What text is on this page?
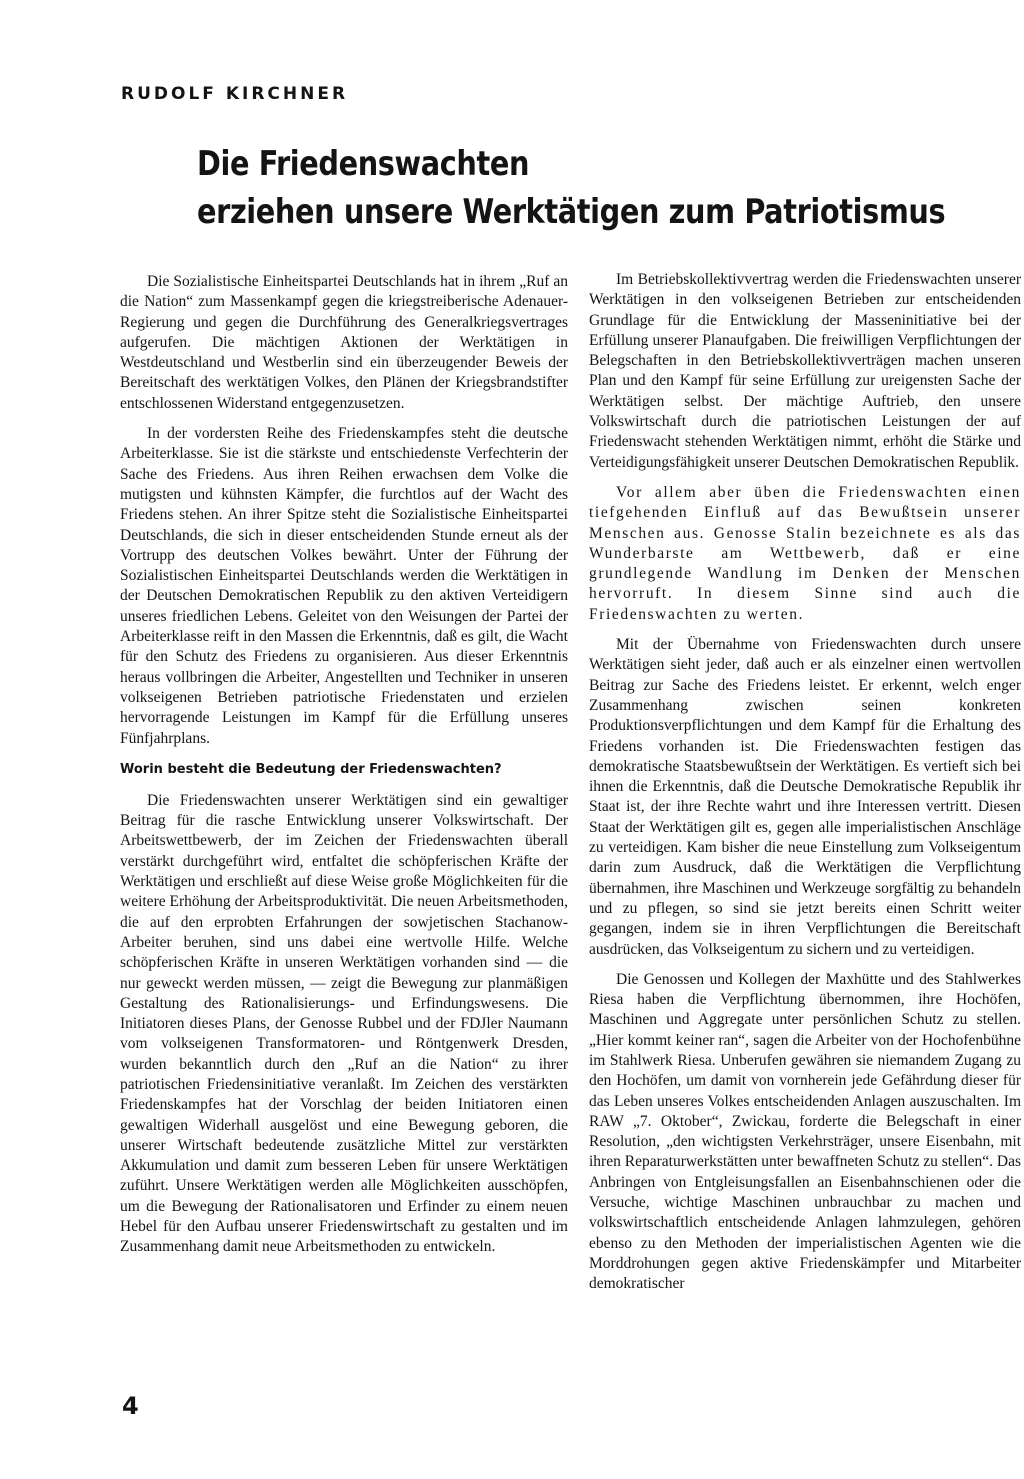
RUDOLF KIRCHNER
Die Friedenswachten
erziehen unsere Werktätigen zum Patriotismus

Die Sozialistische Einheitspartei Deutschlands hat in ihrem „Ruf an die Nation“ zum Massenkampf gegen die kriegstreiberische Adenauer-Regierung und gegen die Durchführung des Generalkriegsvertrages aufgerufen. Die mächtigen Aktionen der Werktätigen in Westdeutschland und Westberlin sind ein überzeugender Beweis der Bereitschaft des werktätigen Volkes, den Plänen der Kriegsbrandstifter entschlossenen Widerstand entgegenzusetzen.

In der vordersten Reihe des Friedenskampfes steht die deutsche Arbeiterklasse. Sie ist die stärkste und entschiedenste Verfechterin der Sache des Friedens. Aus ihren Reihen erwachsen dem Volke die mutigsten und kühnsten Kämpfer, die furchtlos auf der Wacht des Friedens stehen. An ihrer Spitze steht die Sozialistische Einheitspartei Deutschlands, die sich in dieser entscheidenden Stunde erneut als der Vortrupp des deutschen Volkes bewährt. Unter der Führung der Sozialistischen Einheitspartei Deutschlands werden die Werktätigen in der Deutschen Demokratischen Republik zu den aktiven Verteidigern unseres friedlichen Lebens. Geleitet von den Weisungen der Partei der Arbeiterklasse reift in den Massen die Erkenntnis, daß es gilt, die Wacht für den Schutz des Friedens zu organisieren. Aus dieser Erkenntnis heraus vollbringen die Arbeiter, Angestellten und Techniker in unseren volkseigenen Betrieben patriotische Friedenstaten und erzielen hervorragende Leistungen im Kampf für die Erfüllung unseres Fünfjahrplans.

Worin besteht die Bedeutung der Friedenswachten?

Die Friedenswachten unserer Werktätigen sind ein gewaltiger Beitrag für die rasche Entwicklung unserer Volkswirtschaft. Der Arbeitswettbewerb, der im Zeichen der Friedenswachten überall verstärkt durchgeführt wird, entfaltet die schöpferischen Kräfte der Werktätigen und erschließt auf diese Weise große Möglichkeiten für die weitere Erhöhung der Arbeitsproduktivität. Die neuen Arbeitsmethoden, die auf den erprobten Erfahrungen der sowjetischen Stachanow-Arbeiter beruhen, sind uns dabei eine wertvolle Hilfe. Welche schöpferischen Kräfte in unseren Werktätigen vorhanden sind — die nur geweckt werden müssen, — zeigt die Bewegung zur planmäßigen Gestaltung des Rationalisierungs- und Erfindungswesens. Die Initiatoren dieses Plans, der Genosse Rubbel und der FDJler Naumann vom volkseigenen Transformatoren- und Röntgenwerk Dresden, wurden bekanntlich durch den „Ruf an die Nation“ zu ihrer patriotischen Friedensinitiative veranlaßt. Im Zeichen des verstärkten Friedenskampfes hat der Vorschlag der beiden Initiatoren einen gewaltigen Widerhall ausgelöst und eine Bewegung geboren, die unserer Wirtschaft bedeutende zusätzliche Mittel zur verstärkten Akkumulation und damit zum besseren Leben für unsere Werktätigen zuführt. Unsere Werktätigen werden alle Möglichkeiten ausschöpfen, um die Bewegung der Rationalisatoren und Erfinder zu einem neuen Hebel für den Aufbau unserer Friedenswirtschaft zu gestalten und im Zusammenhang damit neue Arbeitsmethoden zu entwickeln.

Im Betriebskollektivvertrag werden die Friedenswachten unserer Werktätigen in den volkseigenen Betrieben zur entscheidenden Grundlage für die Entwicklung der Masseninitiative bei der Erfüllung unserer Planaufgaben. Die freiwilligen Verpflichtungen der Belegschaften in den Betriebskollektivverträgen machen unseren Plan und den Kampf für seine Erfüllung zur ureigensten Sache der Werktätigen selbst. Der mächtige Auftrieb, den unsere Volkswirtschaft durch die patriotischen Leistungen der auf Friedenswacht stehenden Werktätigen nimmt, erhöht die Stärke und Verteidigungsfähigkeit unserer Deutschen Demokratischen Republik.

Vor allem aber üben die Friedenswachten einen tiefgehenden Einfluß auf das Bewußtsein unserer Menschen aus. Genosse Stalin bezeichnete es als das Wunderbarste am Wettbewerb, daß er eine grundlegende Wandlung im Denken der Menschen hervorruft. In diesem Sinne sind auch die Friedenswachten zu werten.

Mit der Übernahme von Friedenswachten durch unsere Werktätigen sieht jeder, daß auch er als einzelner einen wertvollen Beitrag zur Sache des Friedens leistet. Er erkennt, welch enger Zusammenhang zwischen seinen konkreten Produktionsverpflichtungen und dem Kampf für die Erhaltung des Friedens vorhanden ist. Die Friedenswachten festigen das demokratische Staatsbewußtsein der Werktätigen. Es vertieft sich bei ihnen die Erkenntnis, daß die Deutsche Demokratische Republik ihr Staat ist, der ihre Rechte wahrt und ihre Interessen vertritt. Diesen Staat der Werktätigen gilt es, gegen alle imperialistischen Anschläge zu verteidigen. Kam bisher die neue Einstellung zum Volkseigentum darin zum Ausdruck, daß die Werktätigen die Verpflichtung übernahmen, ihre Maschinen und Werkzeuge sorgfältig zu behandeln und zu pflegen, so sind sie jetzt bereits einen Schritt weiter gegangen, indem sie in ihren Verpflichtungen die Bereitschaft ausdrücken, das Volkseigentum zu sichern und zu verteidigen.

Die Genossen und Kollegen der Maxhütte und des Stahlwerkes Riesa haben die Verpflichtung übernommen, ihre Hochöfen, Maschinen und Aggregate unter persönlichen Schutz zu stellen. „Hier kommt keiner ran“, sagen die Arbeiter von der Hochofenbühne im Stahlwerk Riesa. Unberufen gewähren sie niemandem Zugang zu den Hochöfen, um damit von vornherein jede Gefährdung dieser für das Leben unseres Volkes entscheidenden Anlagen auszuschalten. Im RAW „7. Oktober“, Zwickau, forderte die Belegschaft in einer Resolution, „den wichtigsten Verkehrsträger, unsere Eisenbahn, mit ihren Reparaturwerkstätten unter bewaffneten Schutz zu stellen“. Das Anbringen von Entgleisungsfallen an Eisenbahnschienen oder die Versuche, wichtige Maschinen unbrauchbar zu machen und volkswirtschaftlich entscheidende Anlagen lahmzulegen, gehören ebenso zu den Methoden der imperialistischen Agenten wie die Morddrohungen gegen aktive Friedenskämpfer und Mitarbeiter demokratischer

4
